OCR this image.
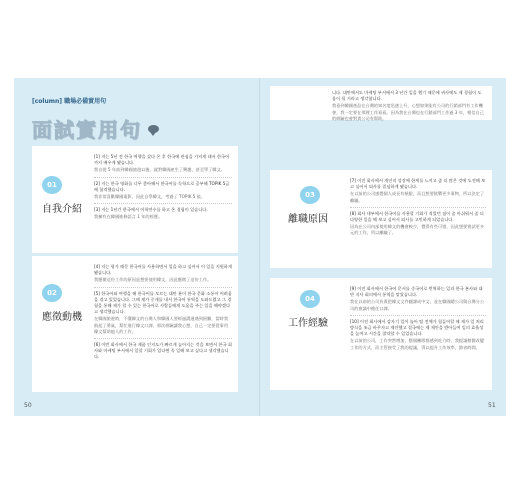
[column] 職場必備實用句
面試實用句
01
自我介紹

[1] 저는 5년 전 한국 여행을 갔다 온 후 한국에 관심을 가지게 돼서 한국어까지 배우게 됐습니다.

我自從 5 年前到韓國旅遊以後，就對韓國產生了興趣，甚至學了韓文。

[2] 저는 한국 영화를 너무 좋아해서 한국어를 독학으로 공부해 TOPIK 5급에 합격했습니다.

我非常喜歡韓國電影，因此自學韓文，考過了 TOPIK 5 級。

[3] 저는 1년간 한국에서 어학연수를 하고 온 경험이 있습니다.

我擁有在韓國進修語言 1 年的經歷。

02
應徵動機

[4] 저는 평가 때문 한국어를 사용하면서 일을 하고 싶어서 이 일을 지원하게 됐습니다.

我應徵這份工作的原因是想要使用韓文，因此應徵了這份工作。

[5] 한국어와 여행을 해 한국어를 모르는 대만 분이 한국 문화 소통이 어려움을 겪고 있었습니다. 그때 제가 중개를 내서 한국어 통역을 도와드렸고 그 경험을 통해 제가 할 수 있는 한국어로 사람들에게 도움을 주는 일을 해야겠다고 생각했습니다.

在韓國旅遊時，不懂韓文的台灣人和韓國人要經過溝通遇到困難，當時我鼓起了勇氣，幫忙進行韓文口譯，那次經驗讓我心想，自己一定要從事用韓文幫助他人的工作。

[6] 이번 회사에서 한국 제품 인지도가 빠르게 높아지는 것을 보면서 한국 회사와 마케팅 부서에서 일할 기회가 있다면 꼭 일해 보고 싶다고 생각했습니다.

50

니다. 대만에서도 마케팅 부서에서 3 년간 일을 했기 때문에 귀사에도 제 경험이 도움이 될 거라고 생각합니다.

我看到韓國產品在台灣的知名度迅速上升，心想如果能有公司的行銷部門有工作機會，我一定要在那裡工作看看。因為我在台灣也在行銷部門工作過 3 年，相信自己的經驗也會對貴公司有幫助。

03
離職原因

[7] 이전 회사에서 개인적 성장에 한계를 느끼고 좀 더 많은 것에 도전해 보고 싶어서 퇴사를 결심하게 됐습니다.

在以前的公司感覺個人成長有極限，而且想要挑戰更多事物，所以決定了離職。

[8] 회사 내부에서 한국어를 사용할 기회가 적었던 점이 좀 아쉬워서 좀 더 다양한 일을 해 보고 싶어서 퇴사를 고민하게 되었습니다.

因為在公司內部使用韓文的機會較少，覺得有些可惜，因此想要嘗試更多元的工作，所以離職了。

04
工作經驗

[9] 이전 회사에서 한국어 문서를 중국어로 번역하는 일과 한국 본사와 대만 지사 회의에서 통역을 맡았습니다.

我在以前的公司負責把韓文文件翻譯成中文，並在韓國總公司與台灣分公司的會議中擔任口譯。

[10] 이전 회사에서 감자기 일이 늘어 팀 전체가 힘들어할 때 제가 일 처리 방식을 조금 바꾸자고 제안했고 결국에는 제 제안을 받아들여 일의 효율성을 높여고 시간을 절약할 수 있었습니다.

在以前的公司，工作突然增加，整個團隊都感到吃力時，我提議稍微改變工作的方式，而主管接受了我的提議，得以提升工作效率，節省時間。

51
